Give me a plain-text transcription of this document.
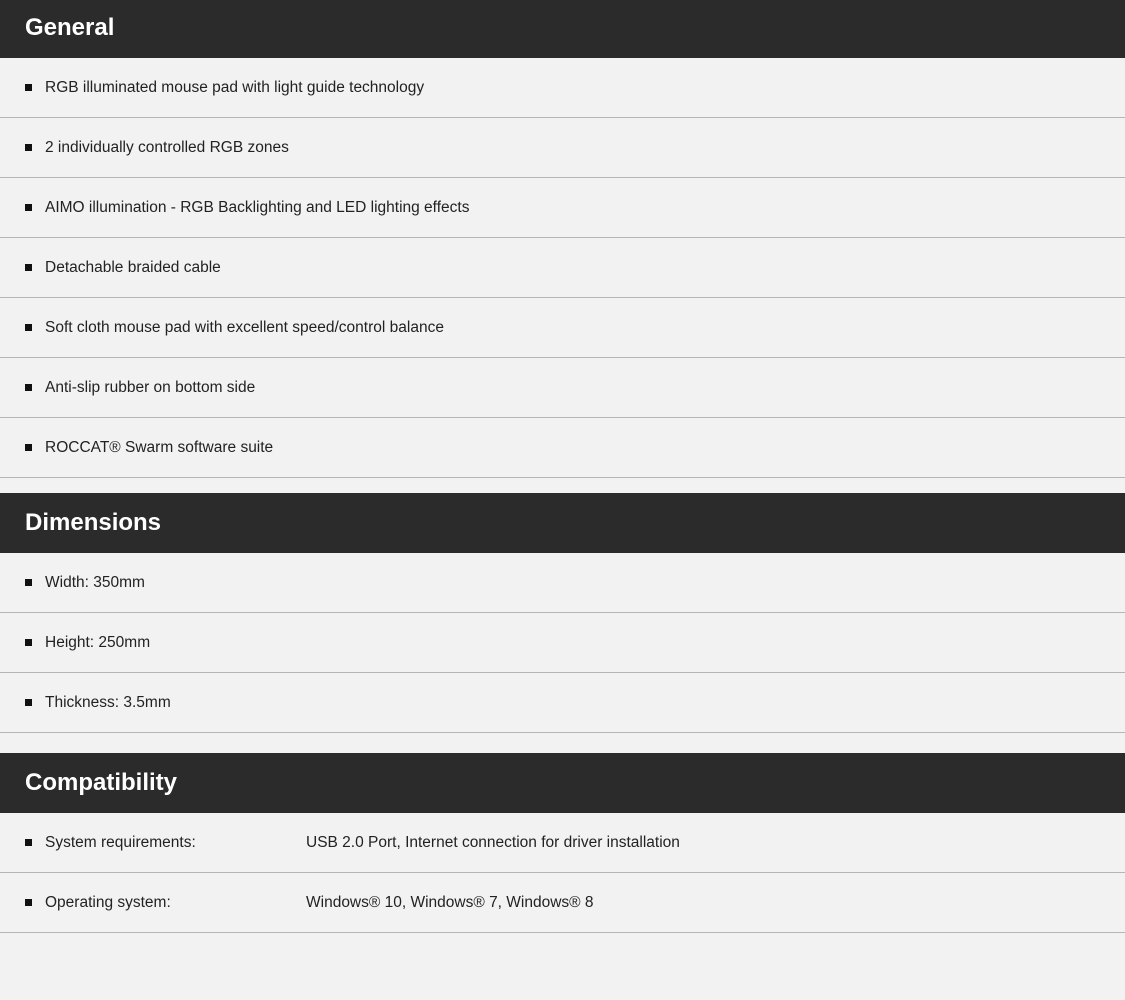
General
RGB illuminated mouse pad with light guide technology
2 individually controlled RGB zones
AIMO illumination - RGB Backlighting and LED lighting effects
Detachable braided cable
Soft cloth mouse pad with excellent speed/control balance
Anti-slip rubber on bottom side
ROCCAT® Swarm software suite
Dimensions
Width: 350mm
Height: 250mm
Thickness: 3.5mm
Compatibility
System requirements:	USB 2.0 Port, Internet connection for driver installation
Operating system:	Windows® 10, Windows® 7, Windows® 8
